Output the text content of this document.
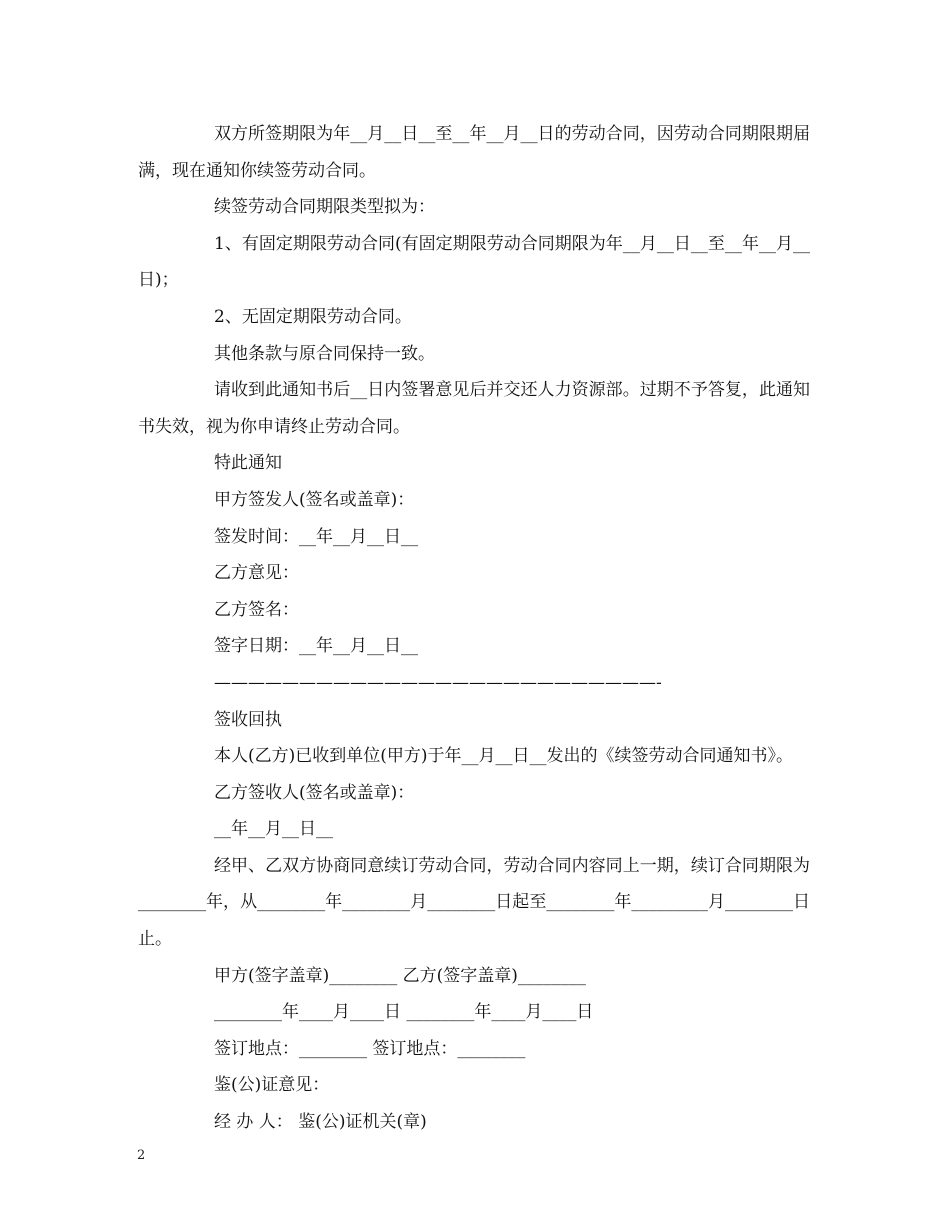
双方所签期限为年__月__日__至__年__月__日的劳动合同，因劳动合同期限期届满，现在通知你续签劳动合同。

续签劳动合同期限类型拟为：

1、有固定期限劳动合同(有固定期限劳动合同期限为年__月__日__至__年__月__日)；

2、无固定期限劳动合同。

其他条款与原合同保持一致。

请收到此通知书后__日内签署意见后并交还人力资源部。过期不予答复，此通知书失效，视为你申请终止劳动合同。

特此通知

甲方签发人(签名或盖章)：

签发时间：__年__月__日__

乙方意见：

乙方签名：

签字日期：__年__月__日__

——————————————————————————-

签收回执

本人(乙方)已收到单位(甲方)于年__月__日__发出的《续签劳动合同通知书》。

乙方签收人(签名或盖章)：

__年__月__日__

经甲、乙双方协商同意续订劳动合同，劳动合同内容同上一期，续订合同期限为________年，从________年________月________日起至________年_________月________日止。

甲方(签字盖章)________ 乙方(签字盖章)________

________年____月____日 ________年____月____日

签订地点：________ 签订地点：________

鉴(公)证意见：

经 办 人： 鉴(公)证机关(章)

2
